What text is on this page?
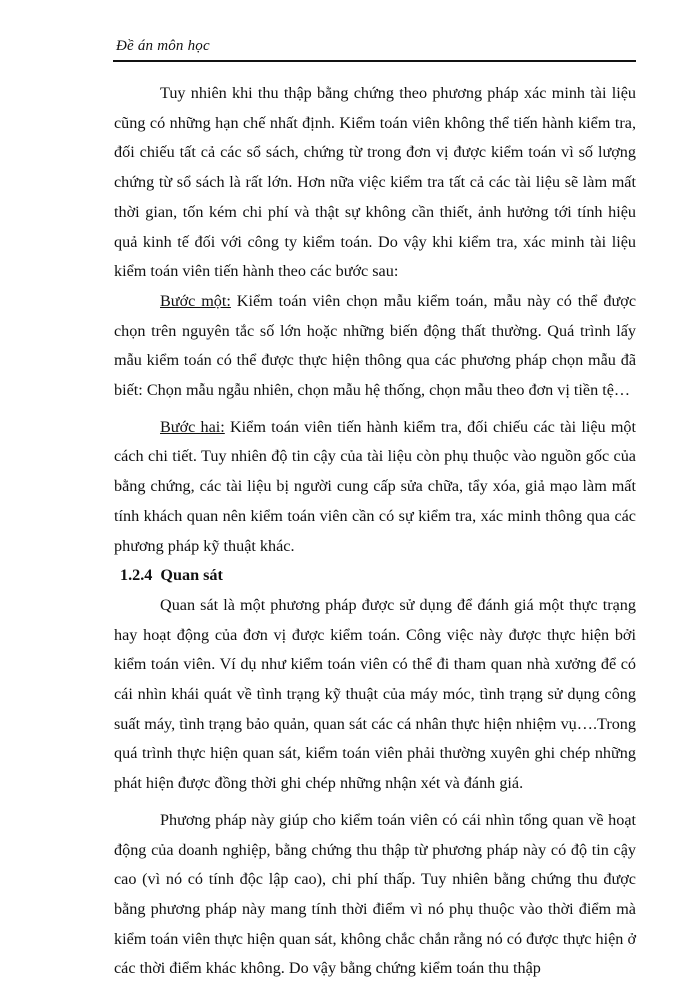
Đề án môn học

Tuy nhiên khi thu thập bằng chứng theo phương pháp xác minh tài liệu cũng có những hạn chế nhất định. Kiểm toán viên không thể tiến hành kiểm tra, đối chiếu tất cả các sổ sách, chứng từ trong đơn vị được kiểm toán vì số lượng chứng từ sổ sách là rất lớn. Hơn nữa việc kiểm tra tất cả các tài liệu sẽ làm mất thời gian, tốn kém chi phí và thật sự không cần thiết, ảnh hưởng tới tính hiệu quả kinh tế đối với công ty kiểm toán. Do vậy khi kiểm tra, xác minh tài liệu kiểm toán viên tiến hành theo các bước sau:

Bước một: Kiểm toán viên chọn mẫu kiểm toán, mẫu này có thể được chọn trên nguyên tắc số lớn hoặc những biến động thất thường. Quá trình lấy mẫu kiểm toán có thể được thực hiện thông qua các phương pháp chọn mẫu đã biết: Chọn mẫu ngẫu nhiên, chọn mẫu hệ thống, chọn mẫu theo đơn vị tiền tệ…

Bước hai: Kiểm toán viên tiến hành kiểm tra, đối chiếu các tài liệu một cách chi tiết. Tuy nhiên độ tin cậy của tài liệu còn phụ thuộc vào nguồn gốc của bằng chứng, các tài liệu bị người cung cấp sửa chữa, tẩy xóa, giả mạo làm mất tính khách quan nên kiểm toán viên cần có sự kiểm tra, xác minh thông qua các phương pháp kỹ thuật khác.

1.2.4 Quan sát

Quan sát là một phương pháp được sử dụng để đánh giá một thực trạng hay hoạt động của đơn vị được kiểm toán. Công việc này được thực hiện bởi kiểm toán viên. Ví dụ như kiểm toán viên có thể đi tham quan nhà xưởng để có cái nhìn khái quát về tình trạng kỹ thuật của máy móc, tình trạng sử dụng công suất máy, tình trạng bảo quản, quan sát các cá nhân thực hiện nhiệm vụ….Trong quá trình thực hiện quan sát, kiểm toán viên phải thường xuyên ghi chép những phát hiện được đồng thời ghi chép những nhận xét và đánh giá.

Phương pháp này giúp cho kiểm toán viên có cái nhìn tổng quan về hoạt động của doanh nghiệp, bằng chứng thu thập từ phương pháp này có độ tin cậy cao (vì nó có tính độc lập cao), chi phí thấp. Tuy nhiên bằng chứng thu được bằng phương pháp này mang tính thời điểm vì nó phụ thuộc vào thời điểm mà kiểm toán viên thực hiện quan sát, không chắc chắn rằng nó có được thực hiện ở các thời điểm khác không. Do vậy bằng chứng kiểm toán thu thập
